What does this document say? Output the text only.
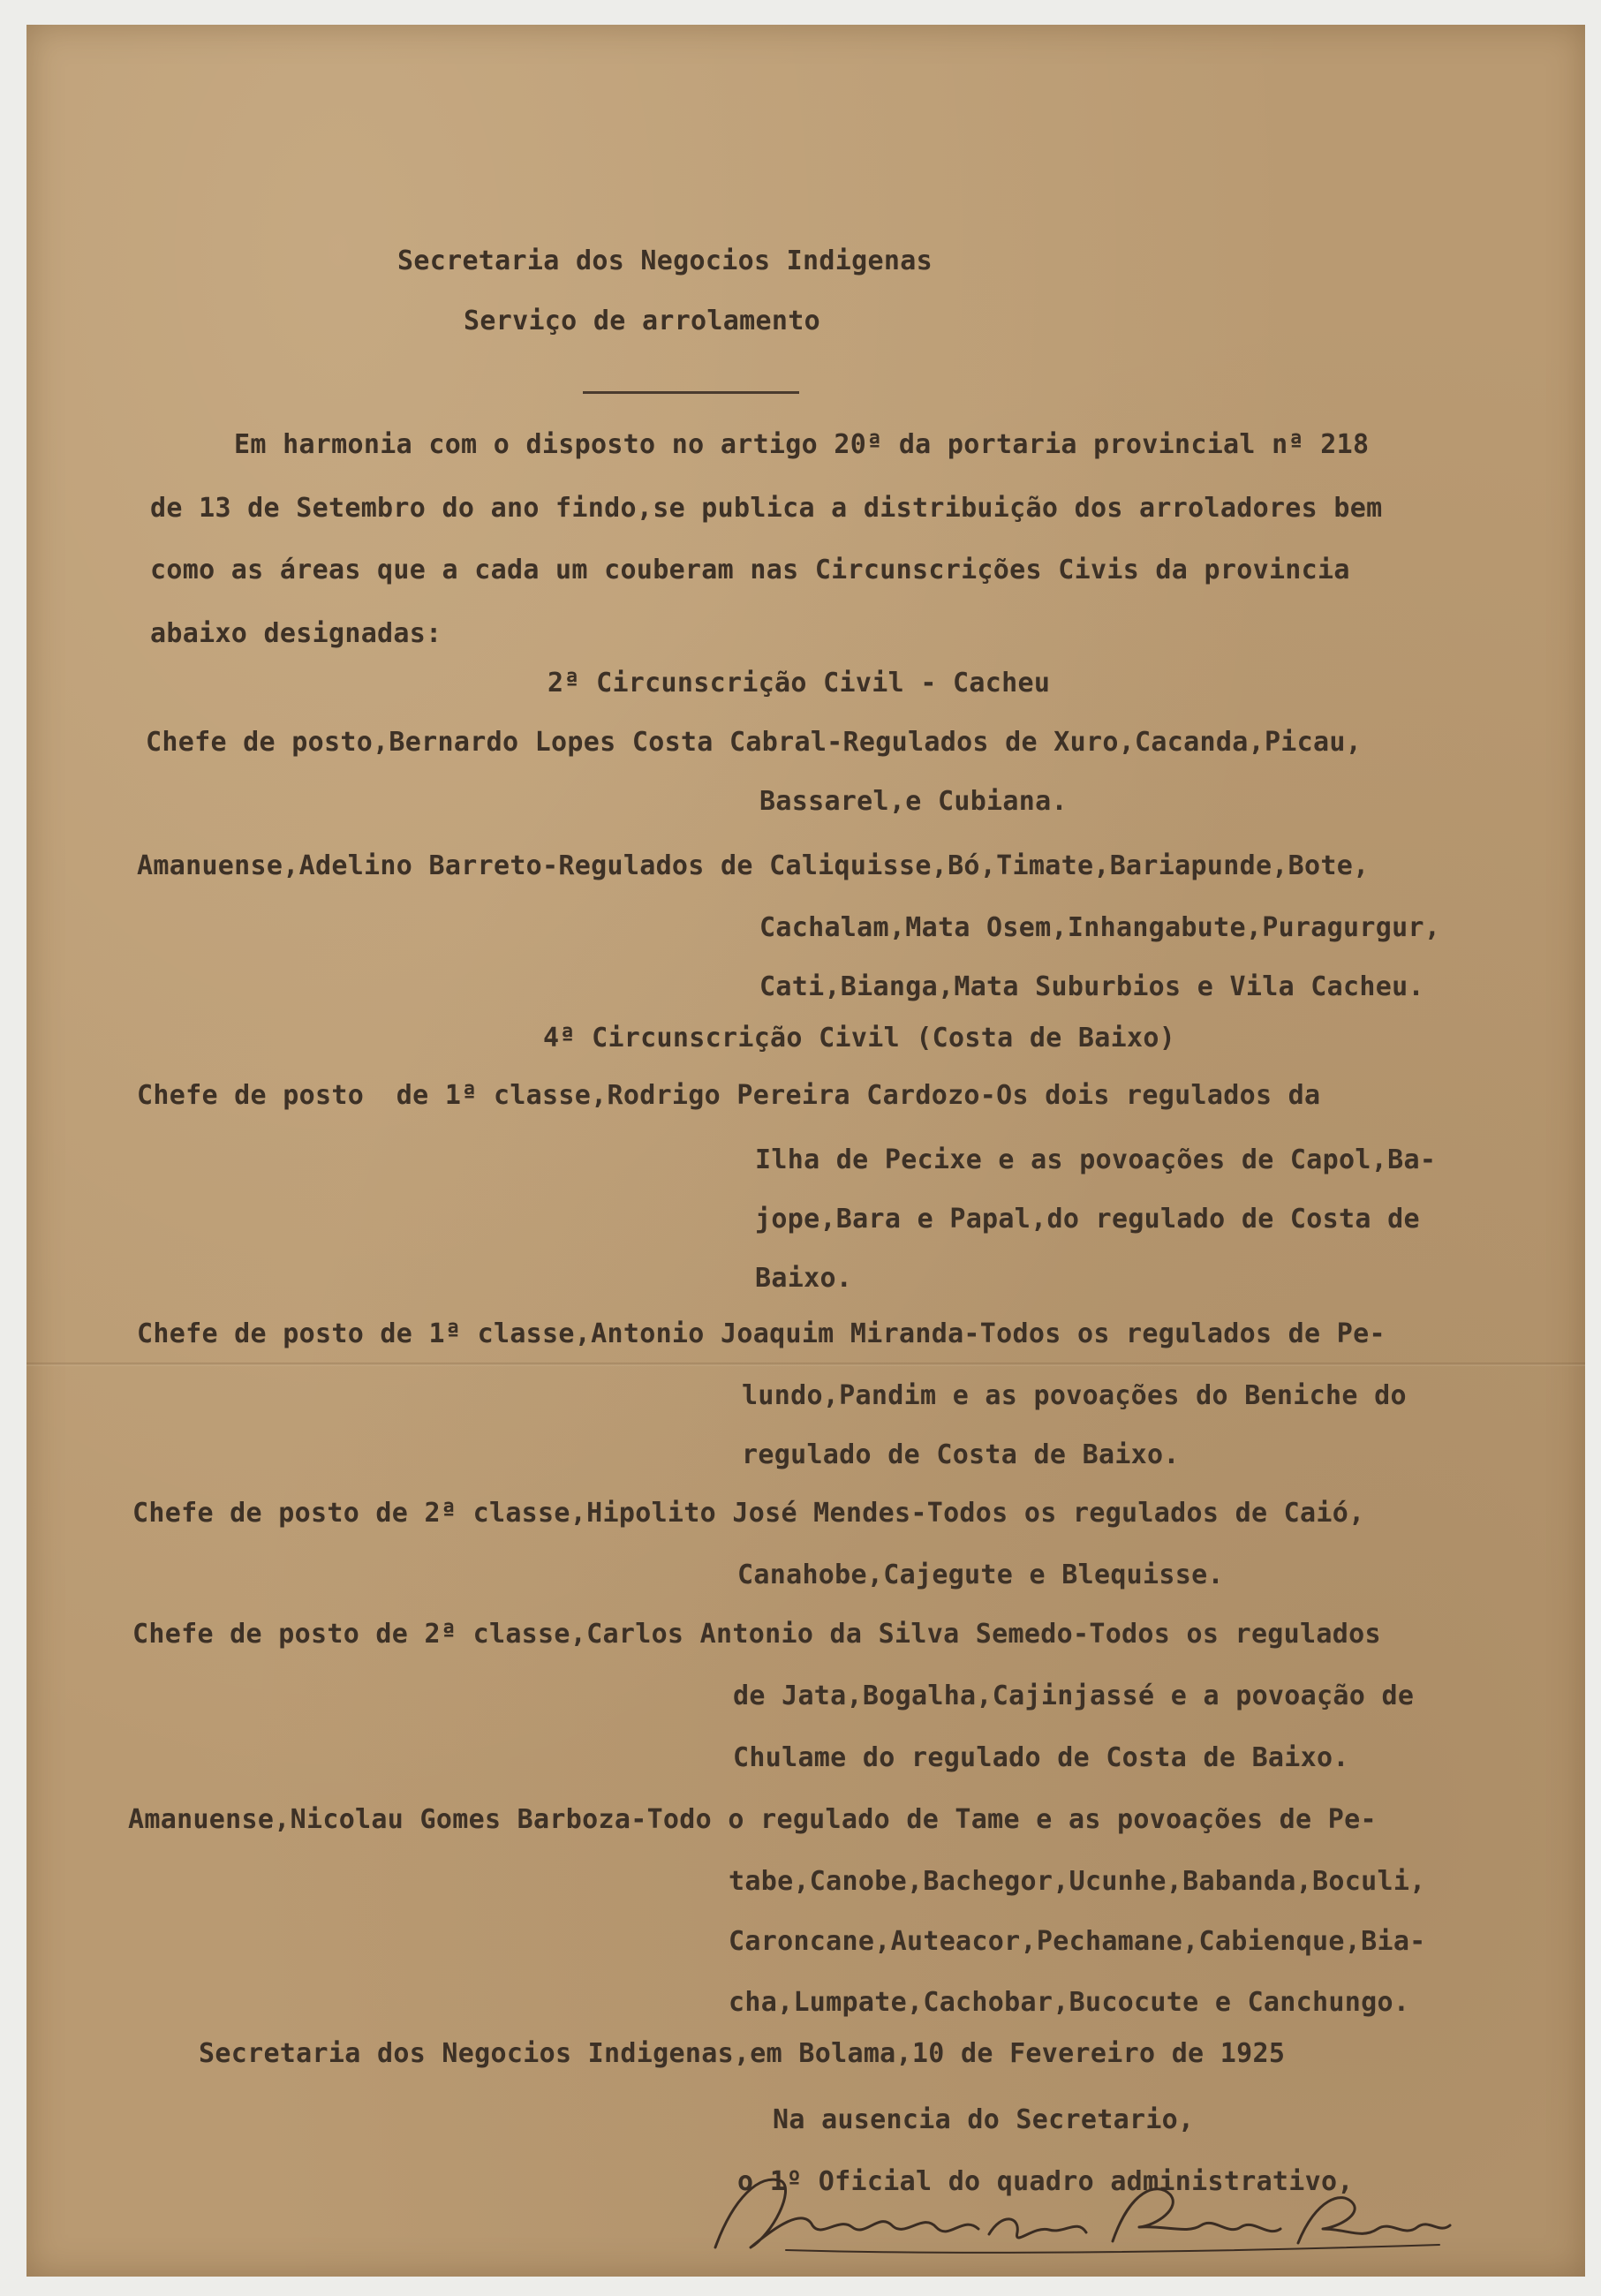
Secretaria dos Negocios Indigenas
Serviço de arrolamento
Em harmonia com o disposto no artigo 20ª da portaria provincial nª 218
de 13 de Setembro do ano findo,se publica a distribuição dos arroladores bem
como as áreas que a cada um couberam nas Circunscrições Civis da provincia
abaixo designadas:
2ª Circunscrição Civil - Cacheu
Chefe de posto,Bernardo Lopes Costa Cabral-Regulados de Xuro,Cacanda,Picau,
Bassarel,e Cubiana.
Amanuense,Adelino Barreto-Regulados de Caliquisse,Bó,Timate,Bariapunde,Bote,
Cachalam,Mata Osem,Inhangabute,Puragurgur,
Cati,Bianga,Mata Suburbios e Vila Cacheu.
4ª Circunscrição Civil (Costa de Baixo)
Chefe de posto  de 1ª classe,Rodrigo Pereira Cardozo-Os dois regulados da
Ilha de Pecixe e as povoações de Capol,Ba-
jope,Bara e Papal,do regulado de Costa de
Baixo.
Chefe de posto de 1ª classe,Antonio Joaquim Miranda-Todos os regulados de Pe-
lundo,Pandim e as povoações do Beniche do
regulado de Costa de Baixo.
Chefe de posto de 2ª classe,Hipolito José Mendes-Todos os regulados de Caió,
Canahobe,Cajegute e Blequisse.
Chefe de posto de 2ª classe,Carlos Antonio da Silva Semedo-Todos os regulados
de Jata,Bogalha,Cajinjassé e a povoação de
Chulame do regulado de Costa de Baixo.
Amanuense,Nicolau Gomes Barboza-Todo o regulado de Tame e as povoações de Pe-
tabe,Canobe,Bachegor,Ucunhe,Babanda,Boculi,
Caroncane,Auteacor,Pechamane,Cabienque,Bia-
cha,Lumpate,Cachobar,Bucocute e Canchungo.
Secretaria dos Negocios Indigenas,em Bolama,10 de Fevereiro de 1925
Na ausencia do Secretario,
o 1º Oficial do quadro administrativo,
